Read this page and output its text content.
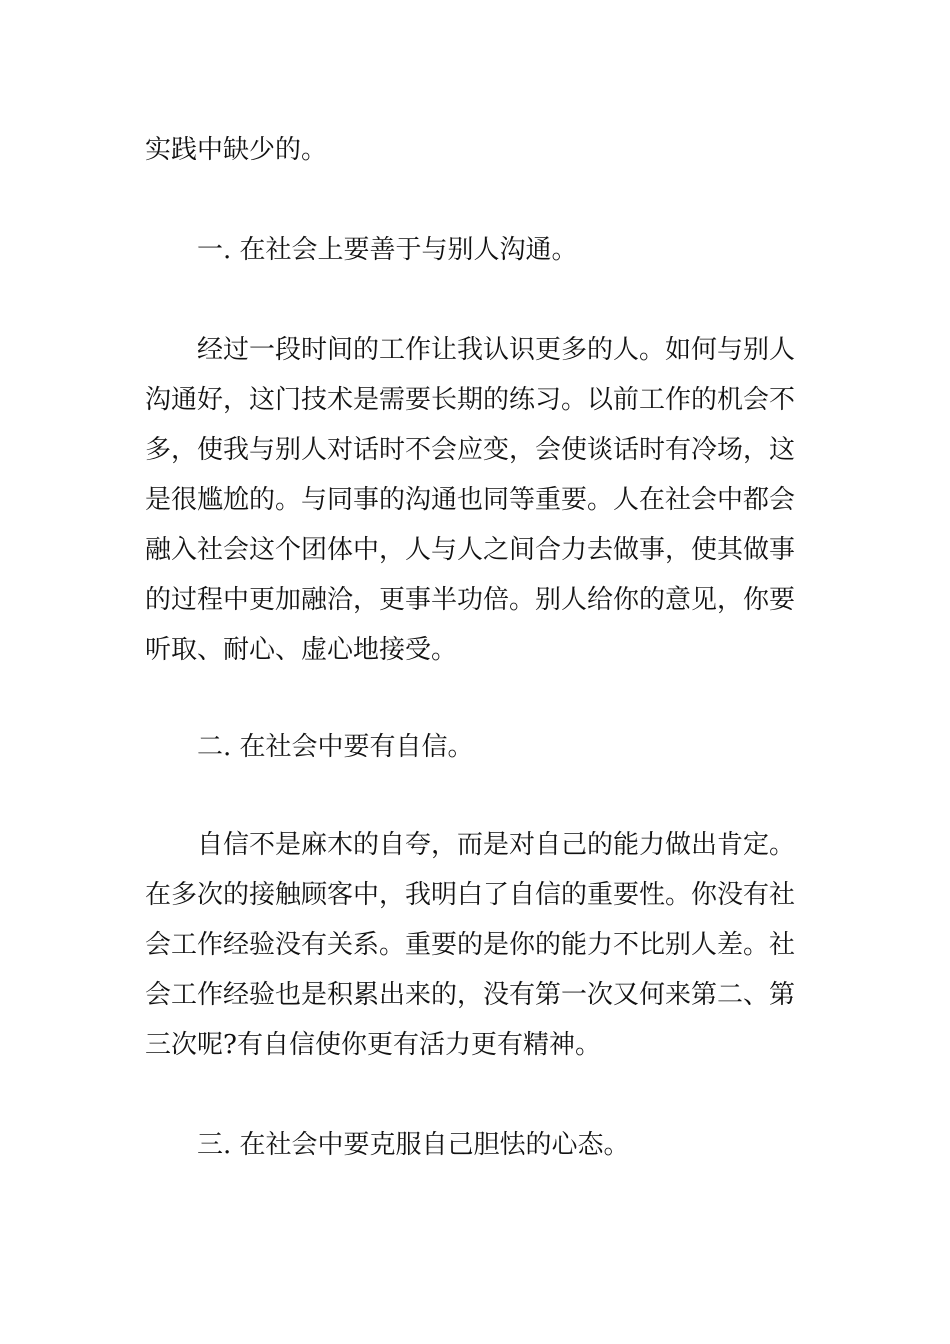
实践中缺少的。

一. 在社会上要善于与别人沟通。

经过一段时间的工作让我认识更多的人。如何与别人沟通好，这门技术是需要长期的练习。以前工作的机会不多，使我与别人对话时不会应变，会使谈话时有冷场，这是很尴尬的。与同事的沟通也同等重要。人在社会中都会融入社会这个团体中，人与人之间合力去做事，使其做事的过程中更加融洽，更事半功倍。别人给你的意见，你要听取、耐心、虚心地接受。

二. 在社会中要有自信。

自信不是麻木的自夸，而是对自己的能力做出肯定。在多次的接触顾客中，我明白了自信的重要性。你没有社会工作经验没有关系。重要的是你的能力不比别人差。社会工作经验也是积累出来的，没有第一次又何来第二、第三次呢?有自信使你更有活力更有精神。

三. 在社会中要克服自己胆怯的心态。
